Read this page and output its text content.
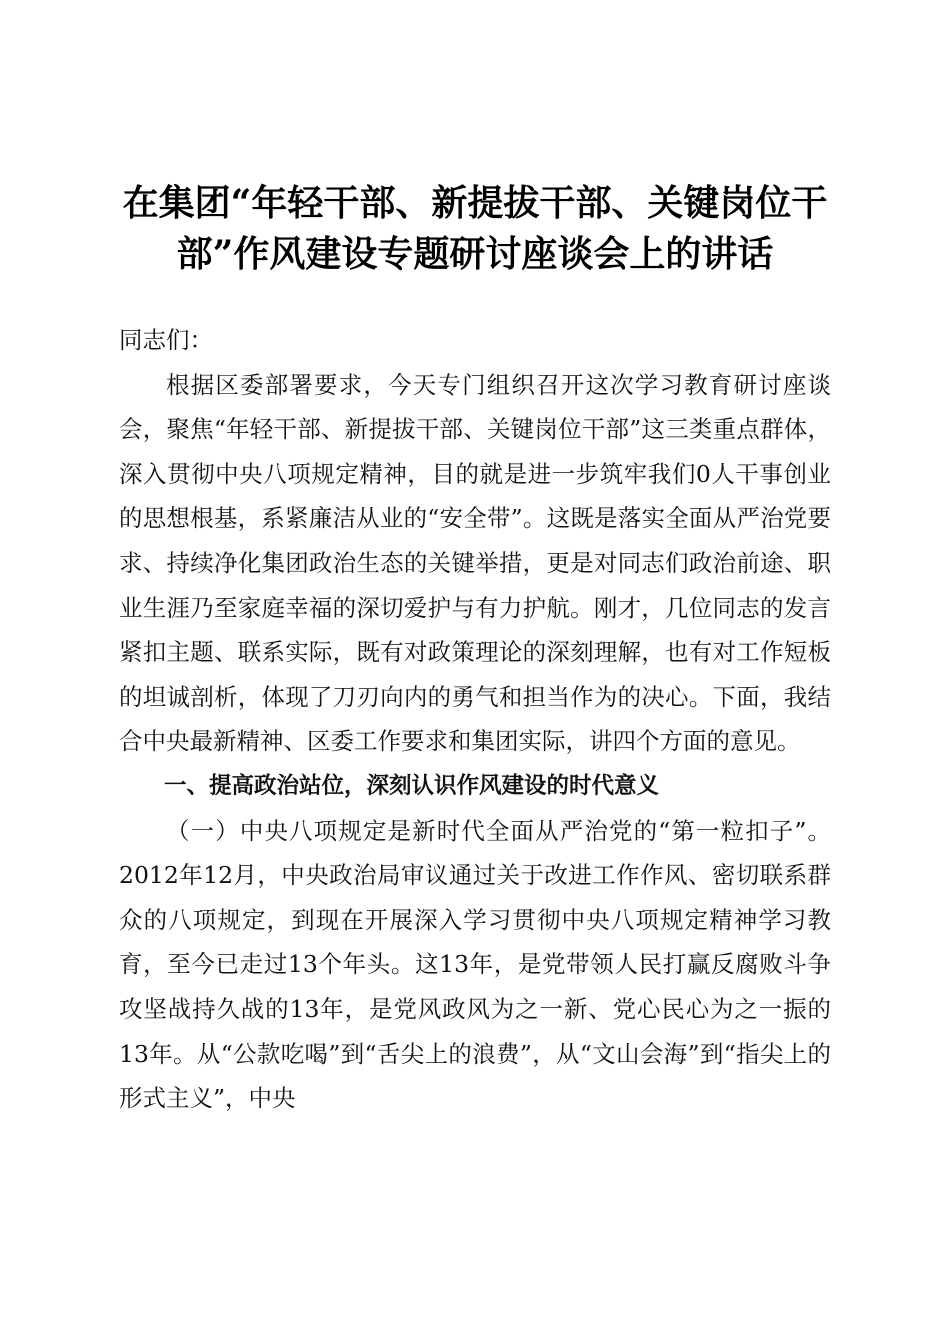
在集团“年轻干部、新提拔干部、关键岗位干
部”作风建设专题研讨座谈会上的讲话

同志们：

根据区委部署要求，今天专门组织召开这次学习教育研讨座谈会，聚焦“年轻干部、新提拔干部、关键岗位干部”这三类重点群体，深入贯彻中央八项规定精神，目的就是进一步筑牢我们0人干事创业的思想根基，系紧廉洁从业的“安全带”。这既是落实全面从严治党要求、持续净化集团政治生态的关键举措，更是对同志们政治前途、职业生涯乃至家庭幸福的深切爱护与有力护航。刚才，几位同志的发言紧扣主题、联系实际，既有对政策理论的深刻理解，也有对工作短板的坦诚剖析，体现了刀刃向内的勇气和担当作为的决心。下面，我结合中央最新精神、区委工作要求和集团实际，讲四个方面的意见。

一、提高政治站位，深刻认识作风建设的时代意义

（一）中央八项规定是新时代全面从严治党的“第一粒扣子”。2012年12月，中央政治局审议通过关于改进工作作风、密切联系群众的八项规定，到现在开展深入学习贯彻中央八项规定精神学习教育，至今已走过13个年头。这13年，是党带领人民打赢反腐败斗争攻坚战持久战的13年，是党风政风为之一新、党心民心为之一振的13年。从“公款吃喝”到“舌尖上的浪费”，从“文山会海”到“指尖上的形式主义”，中央
